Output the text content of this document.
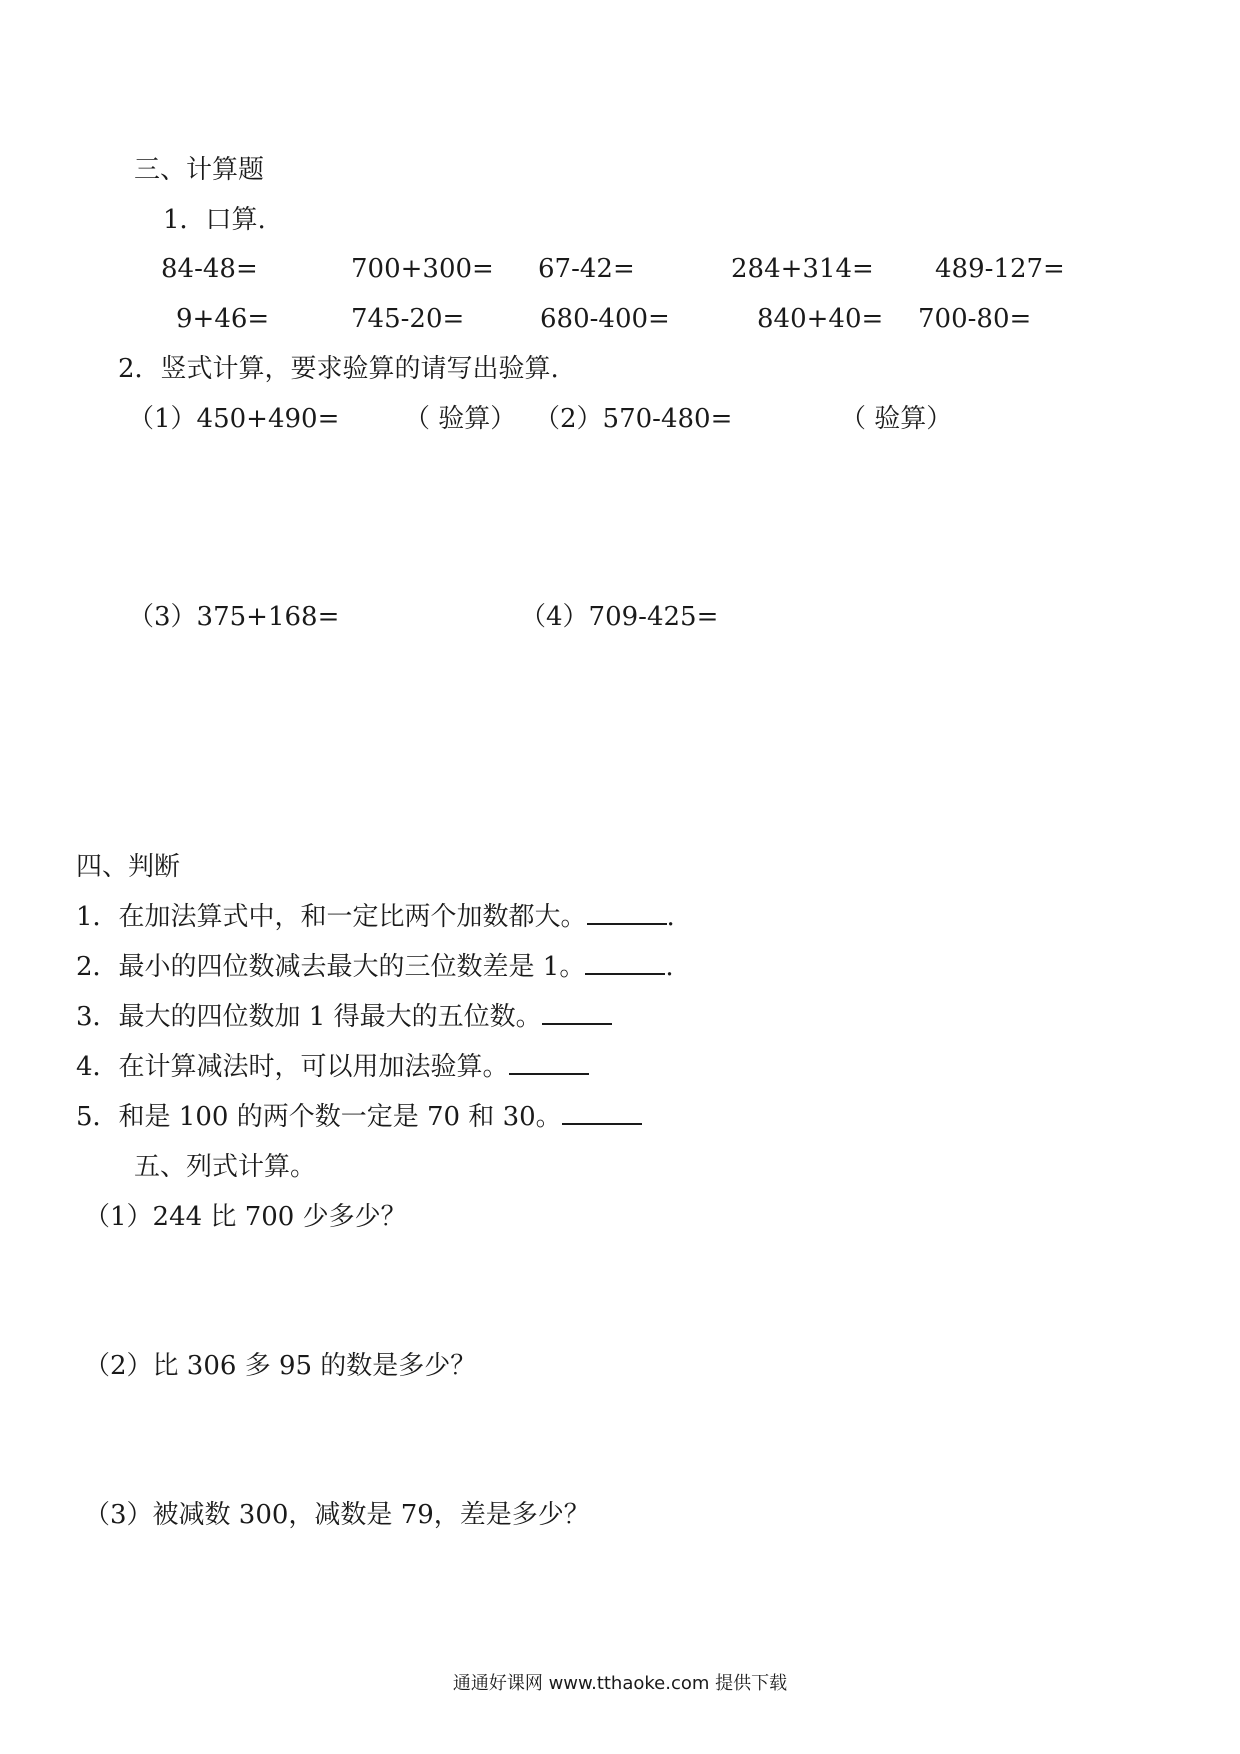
三、计算题
1．口算.
84-48=	700+300= 67-42=	284+314= 489-127=
9+46=	745-20=	680-400=	840+40= 700-80=
2．竖式计算，要求验算的请写出验算.
（1）450+490= （ 验算） （2）570-480=	（ 验算）
（3）375+168=	（4）709-425=
四、判断
1．在加法算式中，和一定比两个加数都大。	.
2．最小的四位数减去最大的三位数差是 1。	.
3．最大的四位数加 1 得最大的五位数。
4．在计算减法时，可以用加法验算。
5．和是 100 的两个数一定是 70 和 30。
五、列式计算。
（1）244 比 700 少多少？
（2）比 306 多 95 的数是多少？
（3）被减数 300，减数是 79，差是多少？
通通好课网 www.tthaoke.com 提供下载
